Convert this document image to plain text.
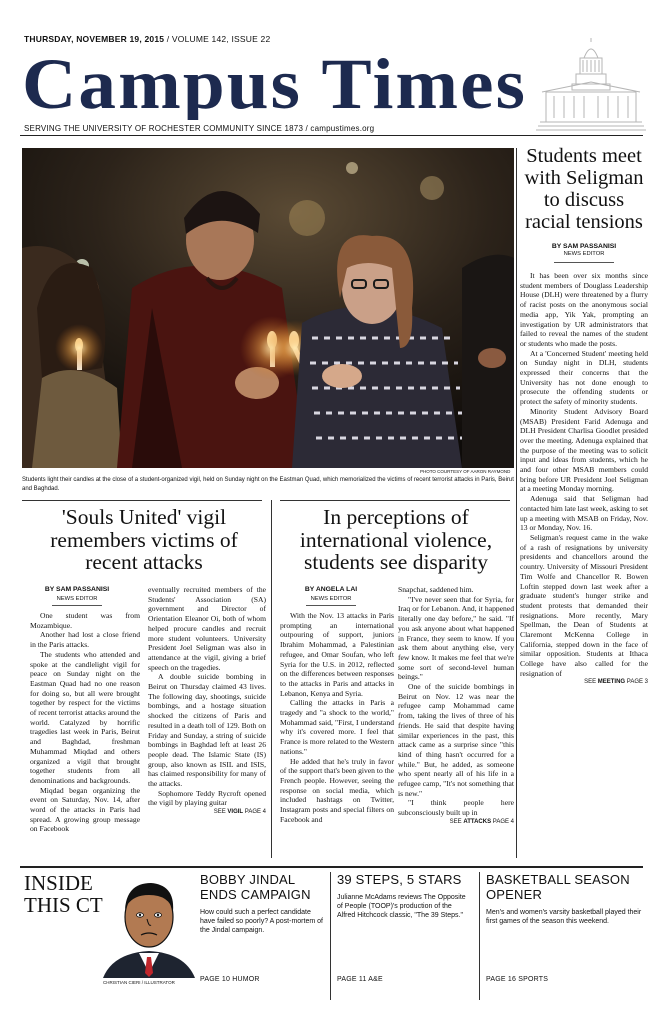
THURSDAY, NOVEMBER 19, 2015 / VOLUME 142, ISSUE 22
Campus Times
SERVING THE UNIVERSITY OF ROCHESTER COMMUNITY SINCE 1873 / campustimes.org
PHOTO COURTESY OF AARON RAYMOND
Students light their candles at the close of a student-organized vigil, held on Sunday night on the Eastman Quad, which memorialized the victims of recent terrorist attacks in Paris, Beirut and Baghdad.
Students meet with Seligman to discuss racial tensions
BY SAM PASSANISI
NEWS EDITOR

It has been over six months since student members of Douglass Leadership House (DLH) were threatened by a flurry of racist posts on the anonymous social media app, Yik Yak, prompting an investigation by UR administrators that failed to reveal the names of the student or students who made the posts.

At a 'Concerned Student' meeting held on Sunday night in DLH, students expressed their concerns that the University has not done enough to prosecute the offending students or protect the safety of minority students.

Minority Student Advisory Board (MSAB) President Farid Adenuga and DLH President Charlisa Goodlet presided over the meeting. Adenuga explained that the purpose of the meeting was to solicit input and ideas from students, which he and four other MSAB members could bring before UR President Joel Seligman at a meeting Monday morning.

Adenuga said that Seligman had contacted him late last week, asking to set up a meeting with MSAB on Friday, Nov. 13 or Monday, Nov. 16.

Seligman's request came in the wake of a rash of resignations by university presidents and chancellors around the country. University of Missouri President Tim Wolfe and Chancellor R. Bowen Loftin stepped down last week after a graduate student's hunger strike and student protests that demanded their resignations. More recently, Mary Spellman, the Dean of Students at Claremont McKenna College in California, stepped down in the face of similar opposition. Students at Ithaca College have also called for the resignation of

SEE MEETING PAGE 3
'Souls United' vigil remembers victims of recent attacks
BY SAM PASSANISI
NEWS EDITOR

One student was from Mozambique.

Another had lost a close friend in the Paris attacks.

The students who attended and spoke at the candlelight vigil for peace on Sunday night on the Eastman Quad had no one reason for doing so, but all were brought together by respect for the victims of recent terrorist attacks around the world. Catalyzed by horrific tragedies last week in Paris, Beirut and Baghdad, freshman Muhammad Miqdad and others organized a vigil that brought together students from all denominations and backgrounds.

Miqdad began organizing the event on Saturday, Nov. 14, after word of the attacks in Paris had spread. A growing group message on Facebook

eventually recruited members of the Students' Association (SA) government and Director of Orientation Eleanor Oi, both of whom helped procure candles and recruit more student volunteers. University President Joel Seligman was also in attendance at the vigil, giving a brief speech on the tragedies.

A double suicide bombing in Beirut on Thursday claimed 43 lives. The following day, shootings, suicide bombings, and a hostage situation shocked the citizens of Paris and resulted in a death toll of 129. Both on Friday and Sunday, a string of suicide bombings in Baghdad left at least 26 people dead. The Islamic State (IS) group, also known as ISIL and ISIS, has claimed responsibility for many of the attacks.

Sophomore Teddy Rycroft opened the vigil by playing guitar

SEE VIGIL PAGE 4
In perceptions of international violence, students see disparity
BY ANGELA LAI
NEWS EDITOR

With the Nov. 13 attacks in Paris prompting an international outpouring of support, juniors Ibrahim Mohammad, a Palestinian refugee, and Omar Soufan, who left Syria for the U.S. in 2012, reflected on the differences between responses to the attacks in Paris and attacks in Lebanon, Kenya and Syria.

Calling the attacks in Paris a tragedy and "a shock to the world," Mohammad said, "First, I understand why it's covered more. I feel that France is more related to the Western nations."

He added that he's truly in favor of the support that's been given to the French people. However, seeing the response on social media, which included hashtags on Twitter, Instagram posts and special filters on Facebook and

Snapchat, saddened him.

"I've never seen that for Syria, for Iraq or for Lebanon. And, it happened literally one day before," he said. "If you ask anyone about what happened in France, they seem to know. If you ask them about anything else, very few know. It makes me feel that we're some sort of second-level human beings."

One of the suicide bombings in Beirut on Nov. 12 was near the refugee camp Mohammad came from, taking the lives of three of his friends. He said that despite having similar experiences in the past, this attack came as a surprise since "this kind of thing hasn't occurred for a while." But, he added, as someone who spent nearly all of his life in a refugee camp, "It's not something that is new."

"I think people here subconsciously built up in

SEE ATTACKS PAGE 4
INSIDE
THIS CT
CHRISTIAN CIERI / ILLUSTRATOR
BOBBY JINDAL ENDS CAMPAIGN

How could such a perfect candidate have failed so poorly? A post-mortem of the Jindal campaign.

PAGE 10 HUMOR
39 STEPS, 5 STARS

Julianne McAdams reviews The Opposite of People (TOOP)'s production of the Alfred Hitchcock classic, "The 39 Steps."

PAGE 11 A&E
BASKETBALL SEASON OPENER

Men's and women's varsity basketball played their first games of the season this weekend.

PAGE 16 SPORTS
